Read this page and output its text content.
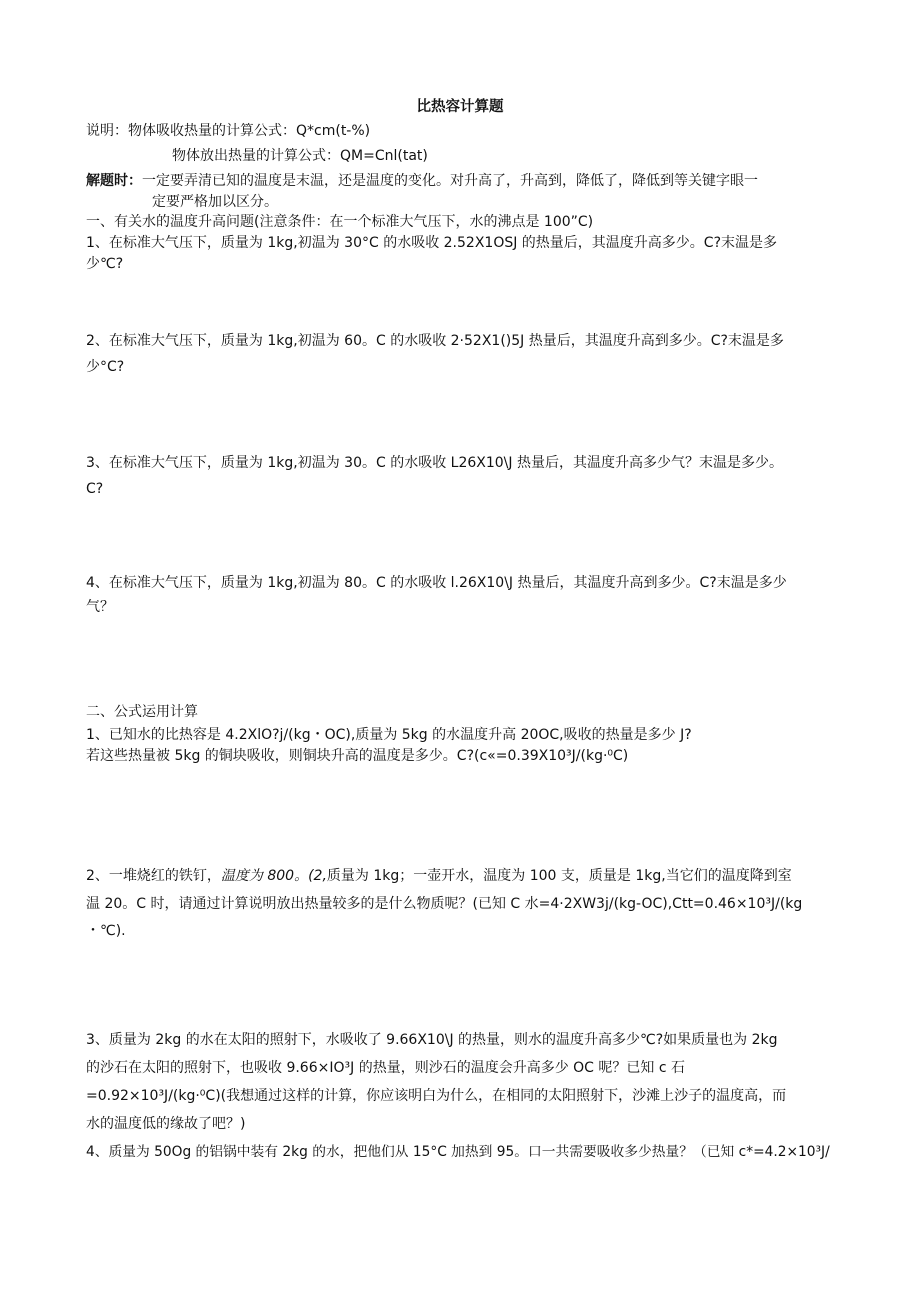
比热容计算题
说明：物体吸收热量的计算公式：Q*cm(t-%)
物体放出热量的计算公式：QM=Cnl(tat)
解题时：一定要弄清已知的温度是末温，还是温度的变化。对升高了，升高到，降低了，降低到等关键字眼一
定要严格加以区分。
一、有关水的温度升高问题(注意条件：在一个标准大气压下，水的沸点是 100”C)
1、在标准大气压下，质量为 1kg,初温为 30°C 的水吸收 2.52X1OSJ 的热量后，其温度升高多少。C?末温是多
少℃?
2、在标准大气压下，质量为 1kg,初温为 60。C 的水吸收 2·52X1()5J 热量后，其温度升高到多少。C?末温是多
少°C?
3、在标准大气压下，质量为 1kg,初温为 30。C 的水吸收 L26X10\J 热量后，其温度升高多少气？末温是多少。
C?
4、在标准大气压下，质量为 1kg,初温为 80。C 的水吸收 l.26X10\J 热量后，其温度升高到多少。C?末温是多少
气？
二、公式运用计算
1、已知水的比热容是 4.2XlO?j/(kg・OC),质量为 5kg 的水温度升高 20OC,吸收的热量是多少 J?
若这些热量被 5kg 的铜块吸收，则铜块升高的温度是多少。C?(c«=0.39X10³J/(kg·⁰C)
2、一堆烧红的铁钉，温度为 800。(2,质量为 1kg；一壶开水，温度为 100 支，质量是 1kg,当它们的温度降到室
温 20。C 时，请通过计算说明放出热量较多的是什么物质呢？(已知 C 水=4·2XW3j/(kg-OC),Ctt=0.46×10³J/(kg
・℃).
3、质量为 2kg 的水在太阳的照射下，水吸收了 9.66X10\J 的热量，则水的温度升高多少℃?如果质量也为 2kg
的沙石在太阳的照射下，也吸收 9.66×IO³J 的热量，则沙石的温度会升高多少 OC 呢？已知 c 石
=0.92×10³J/(kg·⁰C)(我想通过这样的计算，你应该明白为什么，在相同的太阳照射下，沙滩上沙子的温度高，而
水的温度低的缘故了吧？)
4、质量为 50Og 的铝锅中装有 2kg 的水，把他们从 15°C 加热到 95。口一共需要吸收多少热量？（已知 c*=4.2×10³J/
